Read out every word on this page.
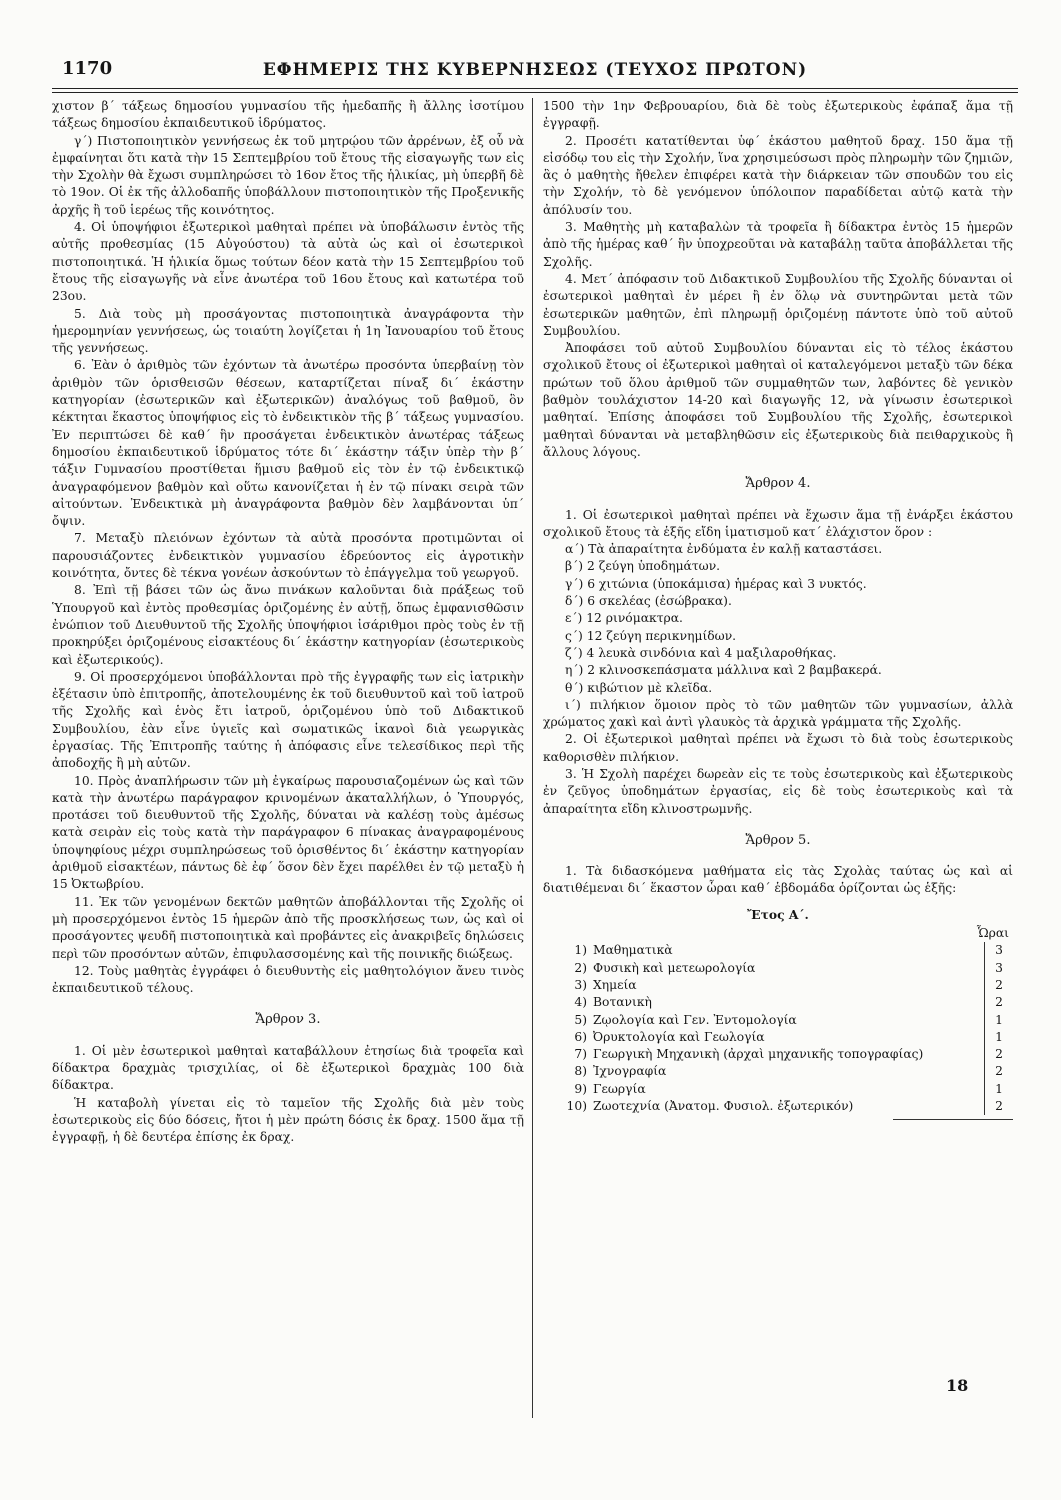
1170	ΕΦΗΜΕΡΙΣ ΤΗΣ ΚΥΒΕΡΝΗΣΕΩΣ (ΤΕΥΧΟΣ ΠΡΩΤΟΝ)

χιστον β΄ τάξεως δημοσίου γυμνασίου τῆς ἡμεδαπῆς ἢ ἄλλης ἰσοτίμου τάξεως δημοσίου ἐκπαιδευτικοῦ ἱδρύματος.

γ΄) Πιστοποιητικὸν γεννήσεως ἐκ τοῦ μητρῴου τῶν ἀρρένων, ἐξ οὗ νὰ ἐμφαίνηται ὅτι κατὰ τὴν 15 Σεπτεμβρίου τοῦ ἔτους τῆς εἰσαγωγῆς των εἰς τὴν Σχολὴν θὰ ἔχωσι συμπληρώσει τὸ 16ον ἔτος τῆς ἡλικίας, μὴ ὑπερβῆ δὲ τὸ 19ον. Οἱ ἐκ τῆς ἀλλοδαπῆς ὑποβάλλουν πιστοποιητικὸν τῆς Προξενικῆς ἀρχῆς ἢ τοῦ ἱερέως τῆς κοινότητος.

4. Οἱ ὑποψήφιοι ἐξωτερικοὶ μαθηταὶ πρέπει νὰ ὑποβάλωσιν ἐντὸς τῆς αὐτῆς προθεσμίας (15 Αὐγούστου) τὰ αὐτὰ ὡς καὶ οἱ ἐσωτερικοὶ πιστοποιητικά. Ἡ ἡλικία ὅμως τούτων δέον κατὰ τὴν 15 Σεπτεμβρίου τοῦ ἔτους τῆς εἰσαγωγῆς νὰ εἶνε ἀνωτέρα τοῦ 16ου ἔτους καὶ κατωτέρα τοῦ 23ου.

5. Διὰ τοὺς μὴ προσάγοντας πιστοποιητικὰ ἀναγράφοντα τὴν ἡμερομηνίαν γεννήσεως, ὡς τοιαύτη λογίζεται ἡ 1η Ἰανουαρίου τοῦ ἔτους τῆς γεννήσεως.

6. Ἐὰν ὁ ἀριθμὸς τῶν ἐχόντων τὰ ἀνωτέρω προσόντα ὑπερβαίνῃ τὸν ἀριθμὸν τῶν ὁρισθεισῶν θέσεων, καταρτίζεται πίναξ δι΄ ἑκάστην κατηγορίαν (ἐσωτερικῶν καὶ ἐξωτερικῶν) ἀναλόγως τοῦ βαθμοῦ, ὃν κέκτηται ἕκαστος ὑποψήφιος εἰς τὸ ἐνδεικτικὸν τῆς β΄ τάξεως γυμνασίου. Ἐν περιπτώσει δὲ καθ΄ ἣν προσάγεται ἐνδεικτικὸν ἀνωτέρας τάξεως δημοσίου ἐκπαιδευτικοῦ ἱδρύματος τότε δι΄ ἑκάστην τάξιν ὑπὲρ τὴν β΄ τάξιν Γυμνασίου προστίθεται ἥμισυ βαθμοῦ εἰς τὸν ἐν τῷ ἐνδεικτικῷ ἀναγραφόμενον βαθμὸν καὶ οὕτω κανονίζεται ἡ ἐν τῷ πίνακι σειρὰ τῶν αἰτούντων. Ἐνδεικτικὰ μὴ ἀναγράφοντα βαθμὸν δὲν λαμβάνονται ὑπ΄ ὄψιν.

7. Μεταξὺ πλειόνων ἐχόντων τὰ αὐτὰ προσόντα προτιμῶνται οἱ παρουσιάζοντες ἐνδεικτικὸν γυμνασίου ἑδρεύοντος εἰς ἀγροτικὴν κοινότητα, ὄντες δὲ τέκνα γονέων ἀσκούντων τὸ ἐπάγγελμα τοῦ γεωργοῦ.

8. Ἐπὶ τῇ βάσει τῶν ὡς ἄνω πινάκων καλοῦνται διὰ πράξεως τοῦ Ὑπουργοῦ καὶ ἐντὸς προθεσμίας ὁριζομένης ἐν αὐτῇ, ὅπως ἐμφανισθῶσιν ἐνώπιον τοῦ Διευθυντοῦ τῆς Σχολῆς ὑποψήφιοι ἰσάριθμοι πρὸς τοὺς ἐν τῇ προκηρύξει ὁριζομένους εἰσακτέους δι΄ ἑκάστην κατηγορίαν (ἐσωτερικοὺς καὶ ἐξωτερικούς).

9. Οἱ προσερχόμενοι ὑποβάλλονται πρὸ τῆς ἐγγραφῆς των εἰς ἰατρικὴν ἐξέτασιν ὑπὸ ἐπιτροπῆς, ἀποτελουμένης ἐκ τοῦ διευθυντοῦ καὶ τοῦ ἰατροῦ τῆς Σχολῆς καὶ ἑνὸς ἔτι ἰατροῦ, ὁριζομένου ὑπὸ τοῦ Διδακτικοῦ Συμβουλίου, ἐὰν εἶνε ὑγιεῖς καὶ σωματικῶς ἱκανοὶ διὰ γεωργικὰς ἐργασίας. Τῆς Ἐπιτροπῆς ταύτης ἡ ἀπόφασις εἶνε τελεσίδικος περὶ τῆς ἀποδοχῆς ἢ μὴ αὐτῶν.

10. Πρὸς ἀναπλήρωσιν τῶν μὴ ἐγκαίρως παρουσιαζομένων ὡς καὶ τῶν κατὰ τὴν ἀνωτέρω παράγραφον κρινομένων ἀκαταλλήλων, ὁ Ὑπουργός, προτάσει τοῦ διευθυντοῦ τῆς Σχολῆς, δύναται νὰ καλέσῃ τοὺς ἀμέσως κατὰ σειρὰν εἰς τοὺς κατὰ τὴν παράγραφον 6 πίνακας ἀναγραφομένους ὑποψηφίους μέχρι συμπληρώσεως τοῦ ὁρισθέντος δι΄ ἑκάστην κατηγορίαν ἀριθμοῦ εἰσακτέων, πάντως δὲ ἐφ΄ ὅσον δὲν ἔχει παρέλθει ἐν τῷ μεταξὺ ἡ 15 Ὀκτωβρίου.

11. Ἐκ τῶν γενομένων δεκτῶν μαθητῶν ἀποβάλλονται τῆς Σχολῆς οἱ μὴ προσερχόμενοι ἐντὸς 15 ἡμερῶν ἀπὸ τῆς προσκλήσεως των, ὡς καὶ οἱ προσάγοντες ψευδῆ πιστοποιητικὰ καὶ προβάντες εἰς ἀνακριβεῖς δηλώσεις περὶ τῶν προσόντων αὐτῶν, ἐπιφυλασσομένης καὶ τῆς ποινικῆς διώξεως.

12. Τοὺς μαθητὰς ἐγγράφει ὁ διευθυντὴς εἰς μαθητολόγιον ἄνευ τινὸς ἐκπαιδευτικοῦ τέλους.

Ἄρθρον 3.

1. Οἱ μὲν ἐσωτερικοὶ μαθηταὶ καταβάλλουν ἐτησίως διὰ τροφεῖα καὶ δίδακτρα δραχμὰς τρισχιλίας, οἱ δὲ ἐξωτερικοὶ δραχμὰς 100 διὰ δίδακτρα.

Ἡ καταβολὴ γίνεται εἰς τὸ ταμεῖον τῆς Σχολῆς διὰ μὲν τοὺς ἐσωτερικοὺς εἰς δύο δόσεις, ἤτοι ἡ μὲν πρώτη δόσις ἐκ δραχ. 1500 ἅμα τῇ ἐγγραφῇ, ἡ δὲ δευτέρα ἐπίσης ἐκ δραχ.

1500 τὴν 1ην Φεβρουαρίου, διὰ δὲ τοὺς ἐξωτερικοὺς ἐφάπαξ ἅμα τῇ ἐγγραφῇ.

2. Προσέτι κατατίθενται ὑφ΄ ἑκάστου μαθητοῦ δραχ. 150 ἅμα τῇ εἰσόδῳ του εἰς τὴν Σχολήν, ἵνα χρησιμεύσωσι πρὸς πληρωμὴν τῶν ζημιῶν, ἃς ὁ μαθητὴς ἤθελεν ἐπιφέρει κατὰ τὴν διάρκειαν τῶν σπουδῶν του εἰς τὴν Σχολήν, τὸ δὲ γενόμενον ὑπόλοιπον παραδίδεται αὐτῷ κατὰ τὴν ἀπόλυσίν του.

3. Μαθητὴς μὴ καταβαλὼν τὰ τροφεῖα ἢ δίδακτρα ἐντὸς 15 ἡμερῶν ἀπὸ τῆς ἡμέρας καθ΄ ἣν ὑποχρεοῦται νὰ καταβάλῃ ταῦτα ἀποβάλλεται τῆς Σχολῆς.

4. Μετ΄ ἀπόφασιν τοῦ Διδακτικοῦ Συμβουλίου τῆς Σχολῆς δύνανται οἱ ἐσωτερικοὶ μαθηταὶ ἐν μέρει ἢ ἐν ὅλῳ νὰ συντηρῶνται μετὰ τῶν ἐσωτερικῶν μαθητῶν, ἐπὶ πληρωμῇ ὁριζομένῃ πάντοτε ὑπὸ τοῦ αὐτοῦ Συμβουλίου.

Ἀποφάσει τοῦ αὐτοῦ Συμβουλίου δύνανται εἰς τὸ τέλος ἑκάστου σχολικοῦ ἔτους οἱ ἐξωτερικοὶ μαθηταὶ οἱ καταλεγόμενοι μεταξὺ τῶν δέκα πρώτων τοῦ ὅλου ἀριθμοῦ τῶν συμμαθητῶν των, λαβόντες δὲ γενικὸν βαθμὸν τουλάχιστον 14-20 καὶ διαγωγῆς 12, νὰ γίνωσιν ἐσωτερικοὶ μαθηταί. Ἐπίσης ἀποφάσει τοῦ Συμβουλίου τῆς Σχολῆς, ἐσωτερικοὶ μαθηταὶ δύνανται νὰ μεταβληθῶσιν εἰς ἐξωτερικοὺς διὰ πειθαρχικοὺς ἢ ἄλλους λόγους.

Ἄρθρον 4.

1. Οἱ ἐσωτερικοὶ μαθηταὶ πρέπει νὰ ἔχωσιν ἅμα τῇ ἐνάρξει ἑκάστου σχολικοῦ ἔτους τὰ ἑξῆς εἴδη ἱματισμοῦ κατ΄ ἐλάχιστον ὅρον :

α΄) Τὰ ἀπαραίτητα ἐνδύματα ἐν καλῇ καταστάσει.

β΄) 2 ζεύγη ὑποδημάτων.

γ΄) 6 χιτώνια (ὑποκάμισα) ἡμέρας καὶ 3 νυκτός.

δ΄) 6 σκελέας (ἐσώβρακα).

ε΄) 12 ρινόμακτρα.

ς΄) 12 ζεύγη περικνημίδων.

ζ΄) 4 λευκὰ σινδόνια καὶ 4 μαξιλαροθήκας.

η΄) 2 κλινοσκεπάσματα μάλλινα καὶ 2 βαμβακερά.

θ΄) κιβώτιον μὲ κλεῖδα.

ι΄) πιλήκιον ὅμοιον πρὸς τὸ τῶν μαθητῶν τῶν γυμνασίων, ἀλλὰ χρώματος χακὶ καὶ ἀντὶ γλαυκὸς τὰ ἀρχικὰ γράμματα τῆς Σχολῆς.

2. Οἱ ἐξωτερικοὶ μαθηταὶ πρέπει νὰ ἔχωσι τὸ διὰ τοὺς ἐσωτερικοὺς καθορισθὲν πιλήκιον.

3. Ἡ Σχολὴ παρέχει δωρεὰν εἰς τε τοὺς ἐσωτερικοὺς καὶ ἐξωτερικοὺς ἐν ζεῦγος ὑποδημάτων ἐργασίας, εἰς δὲ τοὺς ἐσωτερικοὺς καὶ τὰ ἀπαραίτητα εἴδη κλινοστρωμνῆς.

Ἄρθρον 5.

1. Τὰ διδασκόμενα μαθήματα εἰς τὰς Σχολὰς ταύτας ὡς καὶ αἱ διατιθέμεναι δι΄ ἕκαστον ὧραι καθ΄ ἑβδομάδα ὁρίζονται ὡς ἑξῆς:

Ἔτος Α΄.
Ὧραι
1) Μαθηματικὰ	3
2) Φυσικὴ καὶ μετεωρολογία	3
3) Χημεία	2
4) Βοτανικὴ	2
5) Ζῳολογία καὶ Γεν. Ἐντομολογία	1
6) Ὀρυκτολογία καὶ Γεωλογία	1
7) Γεωργικὴ Μηχανικὴ (ἀρχαὶ μηχανικῆς τοπογραφίας)	2
8) Ἰχνογραφία	2
9) Γεωργία	1
10) Ζωοτεχνία (Ἀνατομ. Φυσιολ. ἐξωτερικόν)	2
18
